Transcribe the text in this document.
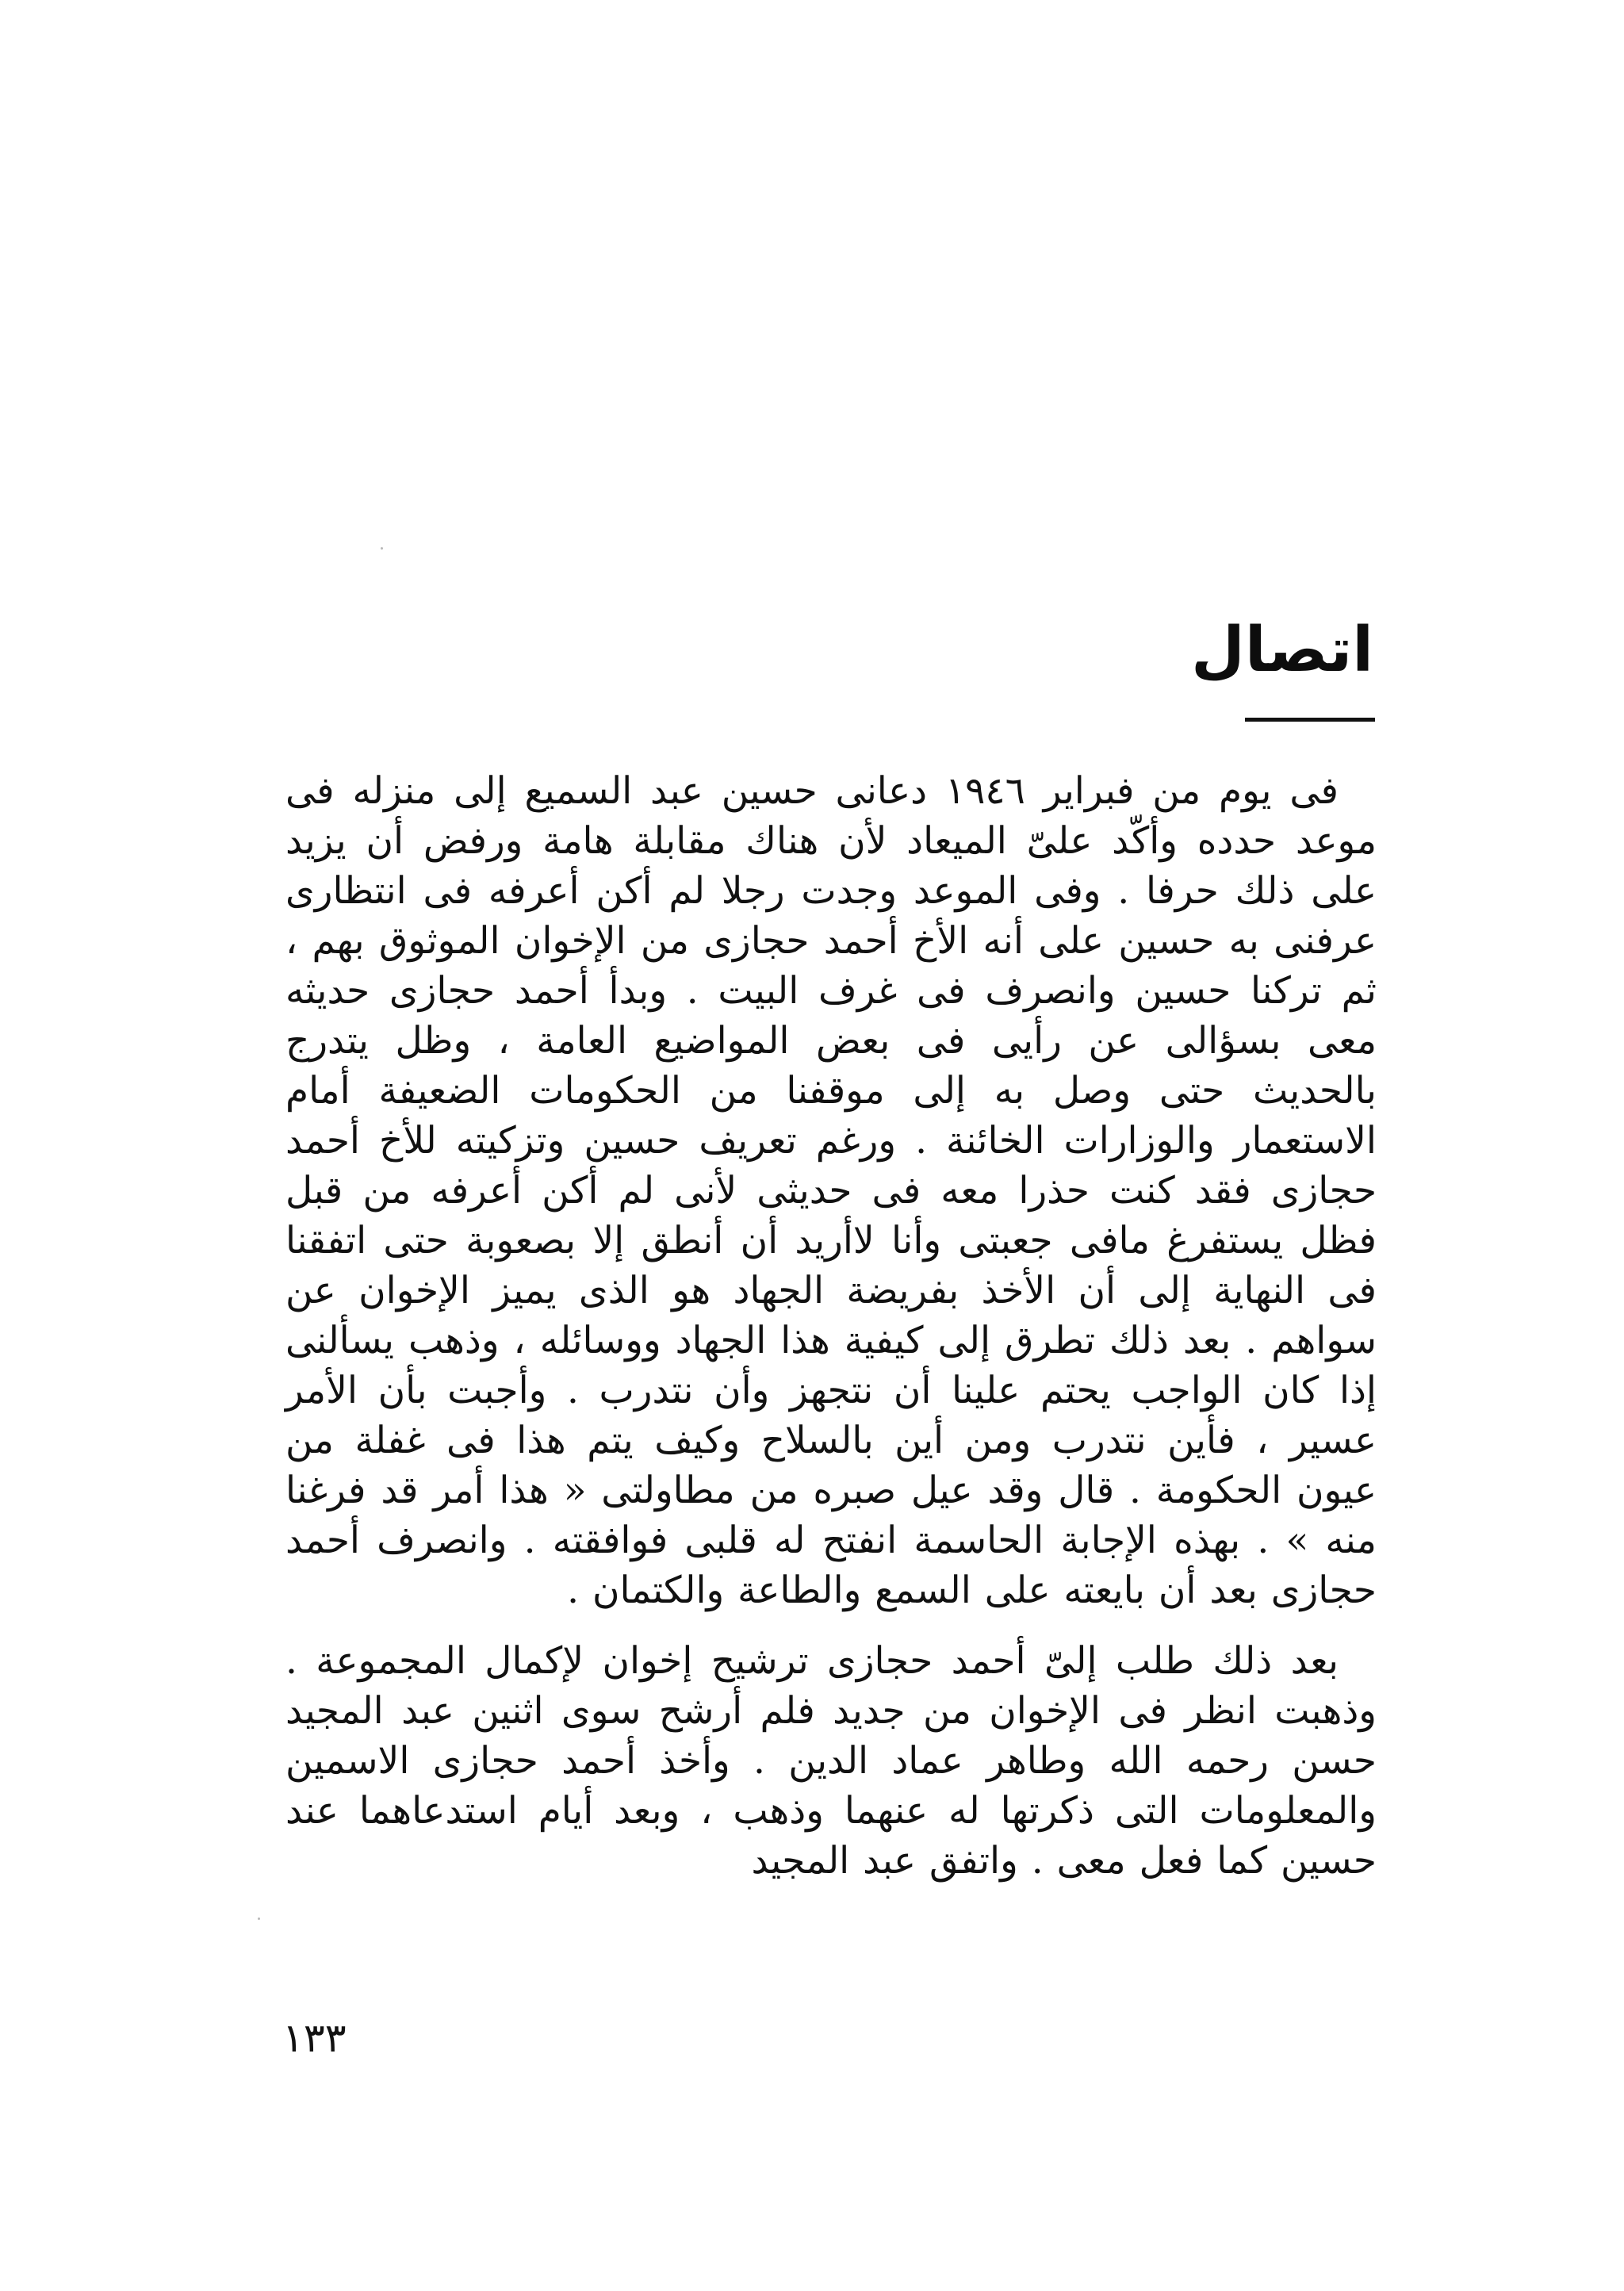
اتصال

فى يوم من فبراير ١٩٤٦ دعانى حسين عبد السميع إلى منزله فى موعد حدده وأكّد علىّ الميعاد لأن هناك مقابلة هامة ورفض أن يزيد على ذلك حرفا . وفى الموعد وجدت رجلا لم أكن أعرفه فى انتظارى عرفنى به حسين على أنه الأخ أحمد حجازى من الإخوان الموثوق بهم ، ثم تركنا حسين وانصرف فى غرف البيت . وبدأ أحمد حجازى حديثه معى بسؤالى عن رأيى فى بعض المواضيع العامة ، وظل يتدرج بالحديث حتى وصل به إلى موقفنا من الحكومات الضعيفة أمام الاستعمار والوزارات الخائنة . ورغم تعريف حسين وتزكيته للأخ أحمد حجازى فقد كنت حذرا معه فى حديثى لأنى لم أكن أعرفه من قبل فظل يستفرغ مافى جعبتى وأنا لاأريد أن أنطق إلا بصعوبة حتى اتفقنا فى النهاية إلى أن الأخذ بفريضة الجهاد هو الذى يميز الإخوان عن سواهم . بعد ذلك تطرق إلى كيفية هذا الجهاد ووسائله ، وذهب يسألنى إذا كان الواجب يحتم علينا أن نتجهز وأن نتدرب . وأجبت بأن الأمر عسير ، فأين نتدرب ومن أين بالسلاح وكيف يتم هذا فى غفلة من عيون الحكومة . قال وقد عيل صبره من مطاولتى « هذا أمر قد فرغنا منه » . بهذه الإجابة الحاسمة انفتح له قلبى فوافقته . وانصرف أحمد حجازى بعد أن بايعته على السمع والطاعة والكتمان .

بعد ذلك طلب إلىّ أحمد حجازى ترشيح إخوان لإكمال المجموعة . وذهبت انظر فى الإخوان من جديد فلم أرشح سوى اثنين عبد المجيد حسن رحمه الله وطاهر عماد الدين . وأخذ أحمد حجازى الاسمين والمعلومات التى ذكرتها له عنهما وذهب ، وبعد أيام استدعاهما عند حسين كما فعل معى . واتفق عبد المجيد

١٣٣
